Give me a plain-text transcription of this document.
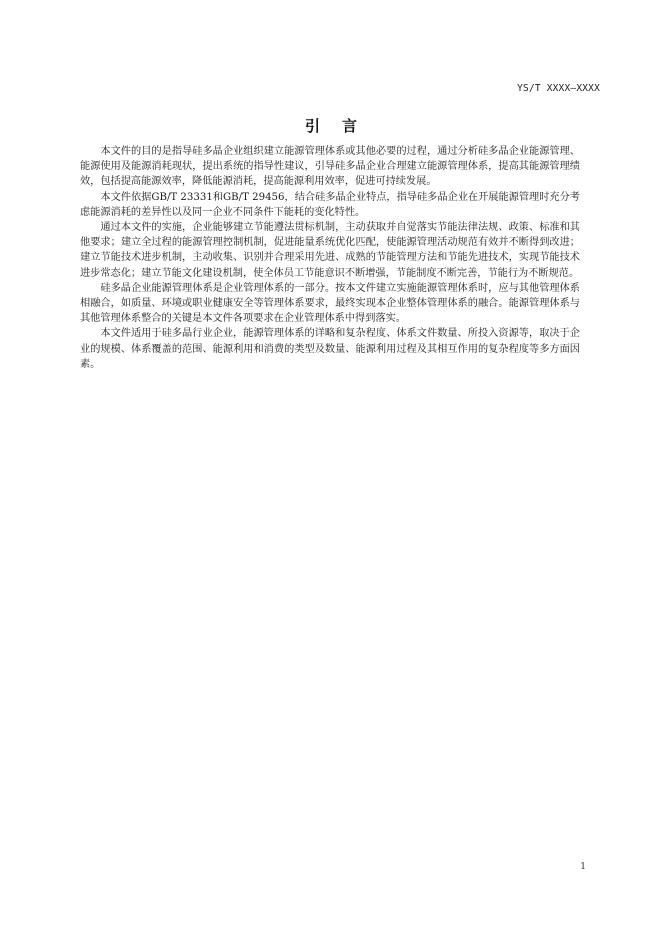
YS/T XXXX—XXXX
引言

本文件的目的是指导硅多晶企业组织建立能源管理体系或其他必要的过程，通过分析硅多晶企业能源管理、能源使用及能源消耗现状，提出系统的指导性建议，引导硅多晶企业合理建立能源管理体系，提高其能源管理绩效，包括提高能源效率，降低能源消耗，提高能源利用效率，促进可持续发展。

本文件依据GB/T 23331和GB/T 29456，结合硅多晶企业特点，指导硅多晶企业在开展能源管理时充分考虑能源消耗的差异性以及同一企业不同条件下能耗的变化特性。

通过本文件的实施，企业能够建立节能遵法贯标机制，主动获取并自觉落实节能法律法规、政策、标准和其他要求；建立全过程的能源管理控制机制，促进能量系统优化匹配，使能源管理活动规范有效并不断得到改进；建立节能技术进步机制，主动收集、识别并合理采用先进、成熟的节能管理方法和节能先进技术，实现节能技术进步常态化；建立节能文化建设机制，使全体员工节能意识不断增强，节能制度不断完善，节能行为不断规范。

硅多晶企业能源管理体系是企业管理体系的一部分。按本文件建立实施能源管理体系时，应与其他管理体系相融合，如质量、环境或职业健康安全等管理体系要求，最终实现本企业整体管理体系的融合。能源管理体系与其他管理体系整合的关键是本文件各项要求在企业管理体系中得到落实。

本文件适用于硅多晶行业企业，能源管理体系的详略和复杂程度、体系文件数量、所投入资源等，取决于企业的规模、体系覆盖的范围、能源利用和消费的类型及数量、能源利用过程及其相互作用的复杂程度等多方面因素。

1
